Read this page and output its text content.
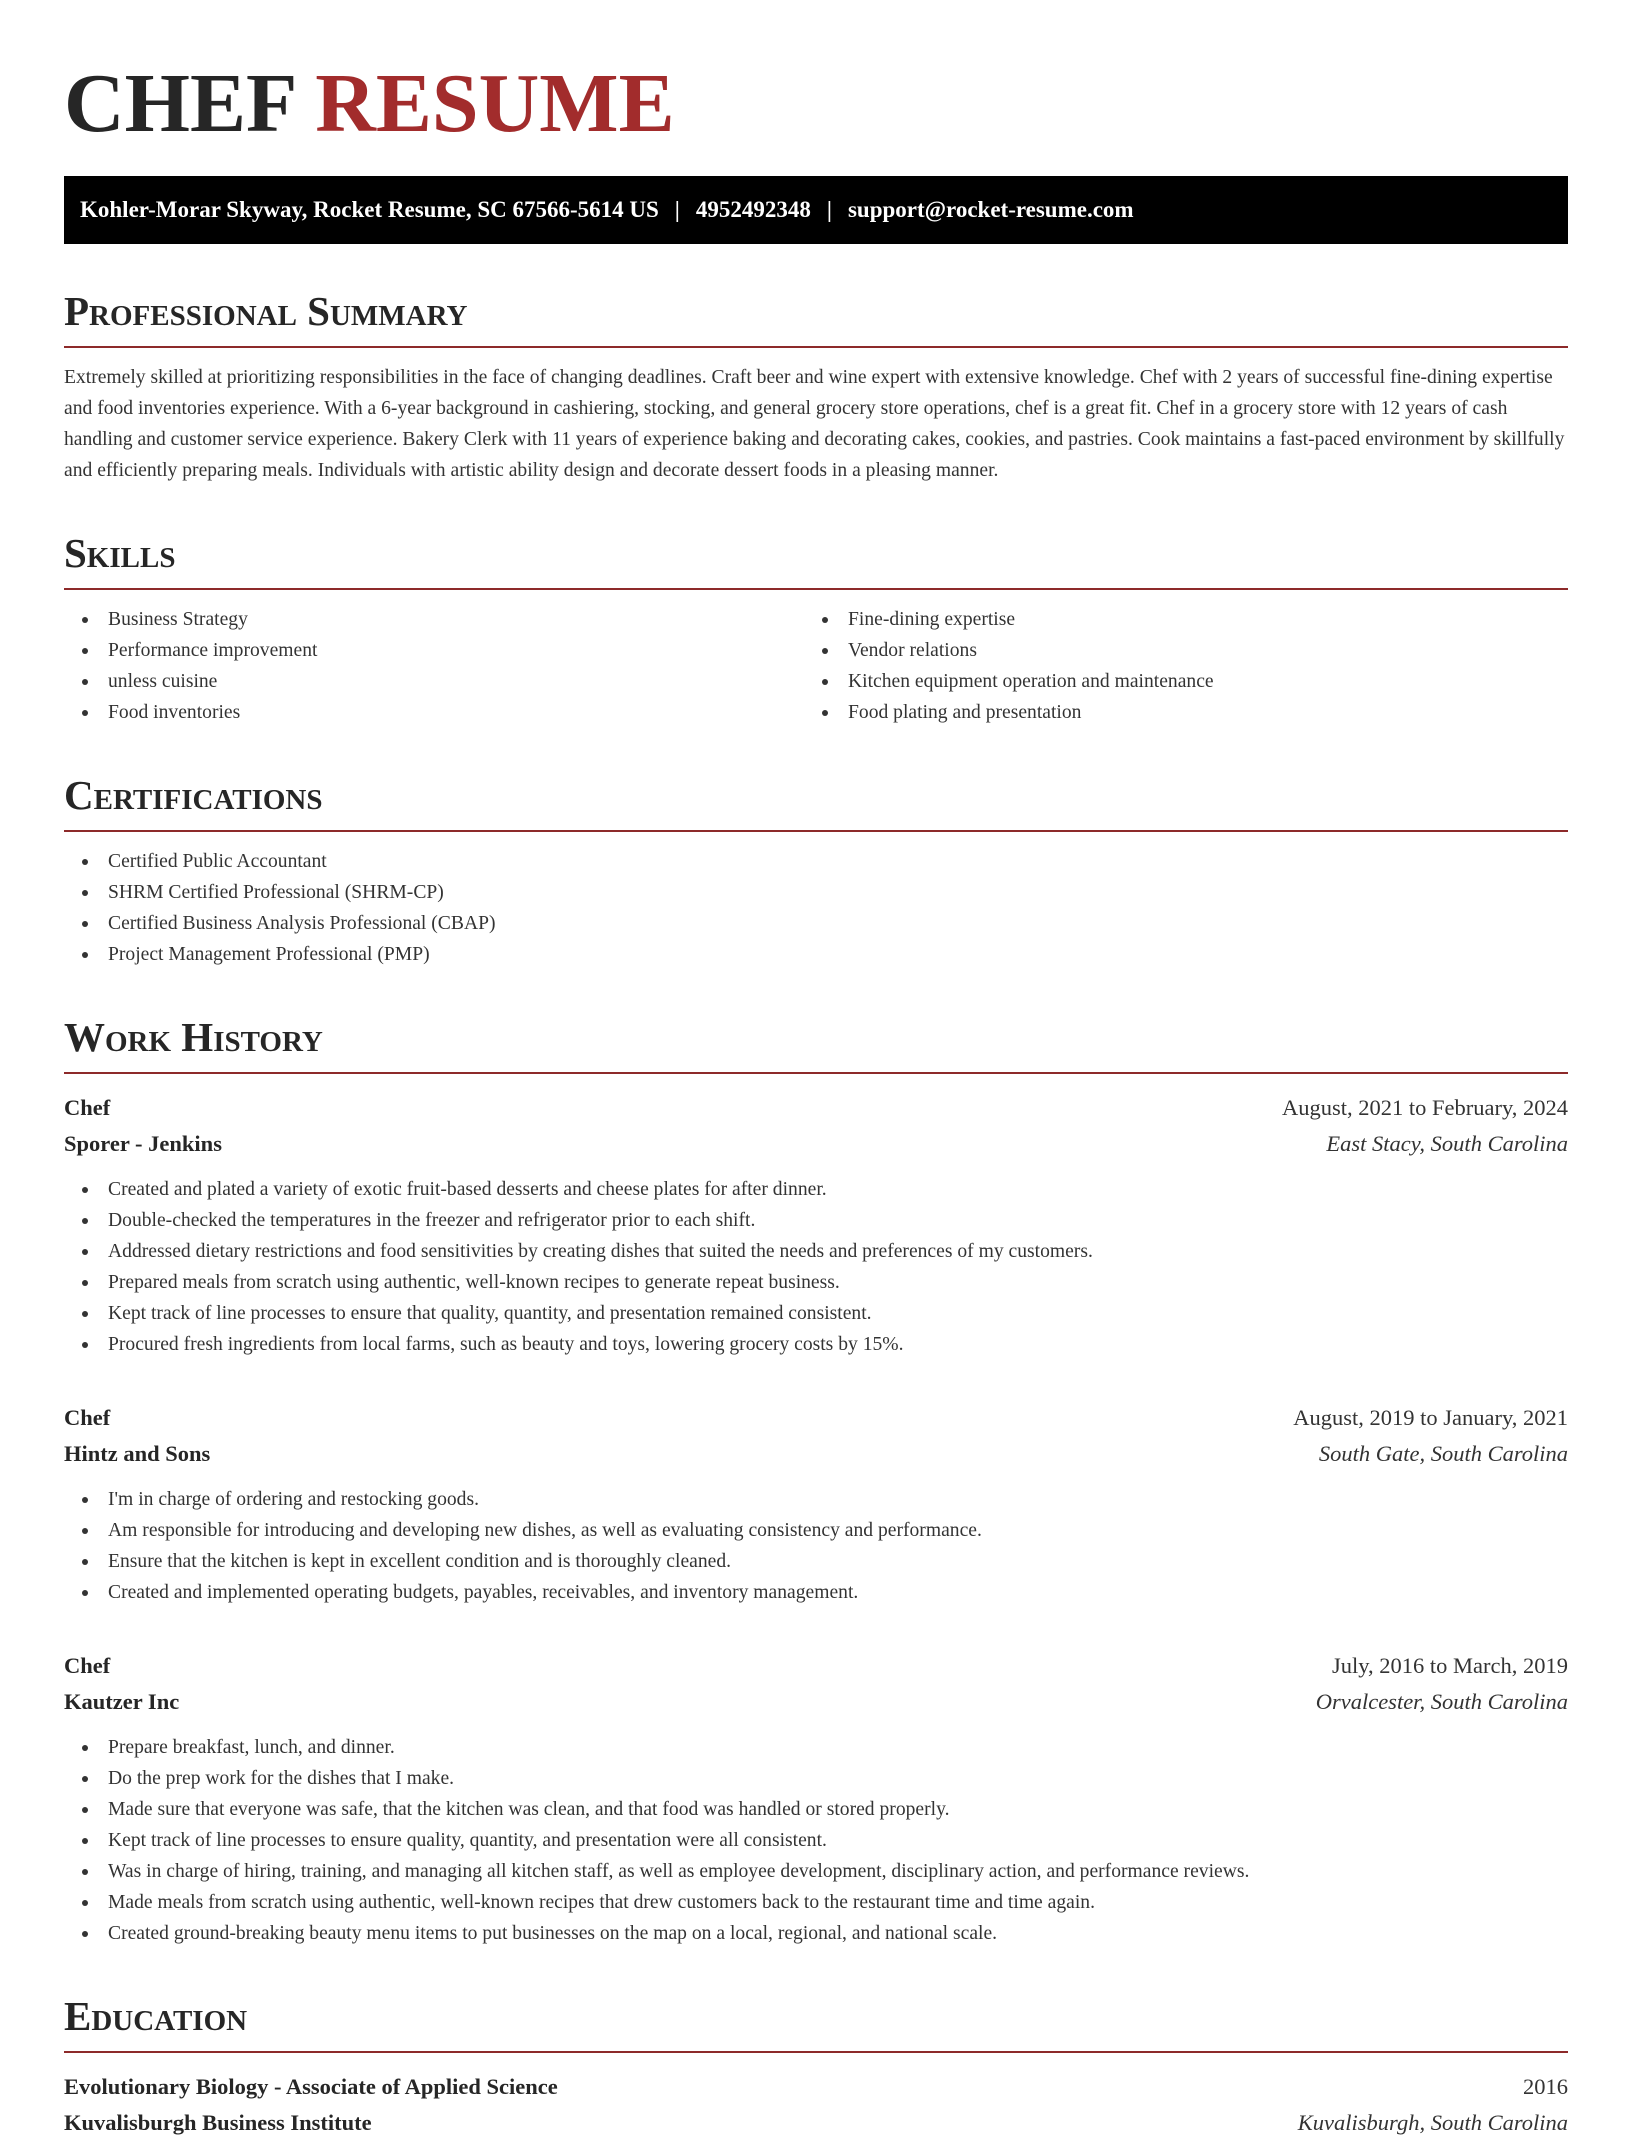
CHEF RESUME
Kohler-Morar Skyway, Rocket Resume, SC 67566-5614 US | 4952492348 | support@rocket-resume.com
Professional Summary
Extremely skilled at prioritizing responsibilities in the face of changing deadlines. Craft beer and wine expert with extensive knowledge. Chef with 2 years of successful fine-dining expertise and food inventories experience. With a 6-year background in cashiering, stocking, and general grocery store operations, chef is a great fit. Chef in a grocery store with 12 years of cash handling and customer service experience. Bakery Clerk with 11 years of experience baking and decorating cakes, cookies, and pastries. Cook maintains a fast-paced environment by skillfully and efficiently preparing meals. Individuals with artistic ability design and decorate dessert foods in a pleasing manner.
Skills
Business Strategy
Performance improvement
unless cuisine
Food inventories
Fine-dining expertise
Vendor relations
Kitchen equipment operation and maintenance
Food plating and presentation
Certifications
Certified Public Accountant
SHRM Certified Professional (SHRM-CP)
Certified Business Analysis Professional (CBAP)
Project Management Professional (PMP)
Work History
Chef	August, 2021 to February, 2024
Sporer - Jenkins	East Stacy, South Carolina
Created and plated a variety of exotic fruit-based desserts and cheese plates for after dinner.
Double-checked the temperatures in the freezer and refrigerator prior to each shift.
Addressed dietary restrictions and food sensitivities by creating dishes that suited the needs and preferences of my customers.
Prepared meals from scratch using authentic, well-known recipes to generate repeat business.
Kept track of line processes to ensure that quality, quantity, and presentation remained consistent.
Procured fresh ingredients from local farms, such as beauty and toys, lowering grocery costs by 15%.
Chef	August, 2019 to January, 2021
Hintz and Sons	South Gate, South Carolina
I'm in charge of ordering and restocking goods.
Am responsible for introducing and developing new dishes, as well as evaluating consistency and performance.
Ensure that the kitchen is kept in excellent condition and is thoroughly cleaned.
Created and implemented operating budgets, payables, receivables, and inventory management.
Chef	July, 2016 to March, 2019
Kautzer Inc	Orvalcester, South Carolina
Prepare breakfast, lunch, and dinner.
Do the prep work for the dishes that I make.
Made sure that everyone was safe, that the kitchen was clean, and that food was handled or stored properly.
Kept track of line processes to ensure quality, quantity, and presentation were all consistent.
Was in charge of hiring, training, and managing all kitchen staff, as well as employee development, disciplinary action, and performance reviews.
Made meals from scratch using authentic, well-known recipes that drew customers back to the restaurant time and time again.
Created ground-breaking beauty menu items to put businesses on the map on a local, regional, and national scale.
Education
Evolutionary Biology - Associate of Applied Science	2016
Kuvalisburgh Business Institute	Kuvalisburgh, South Carolina
